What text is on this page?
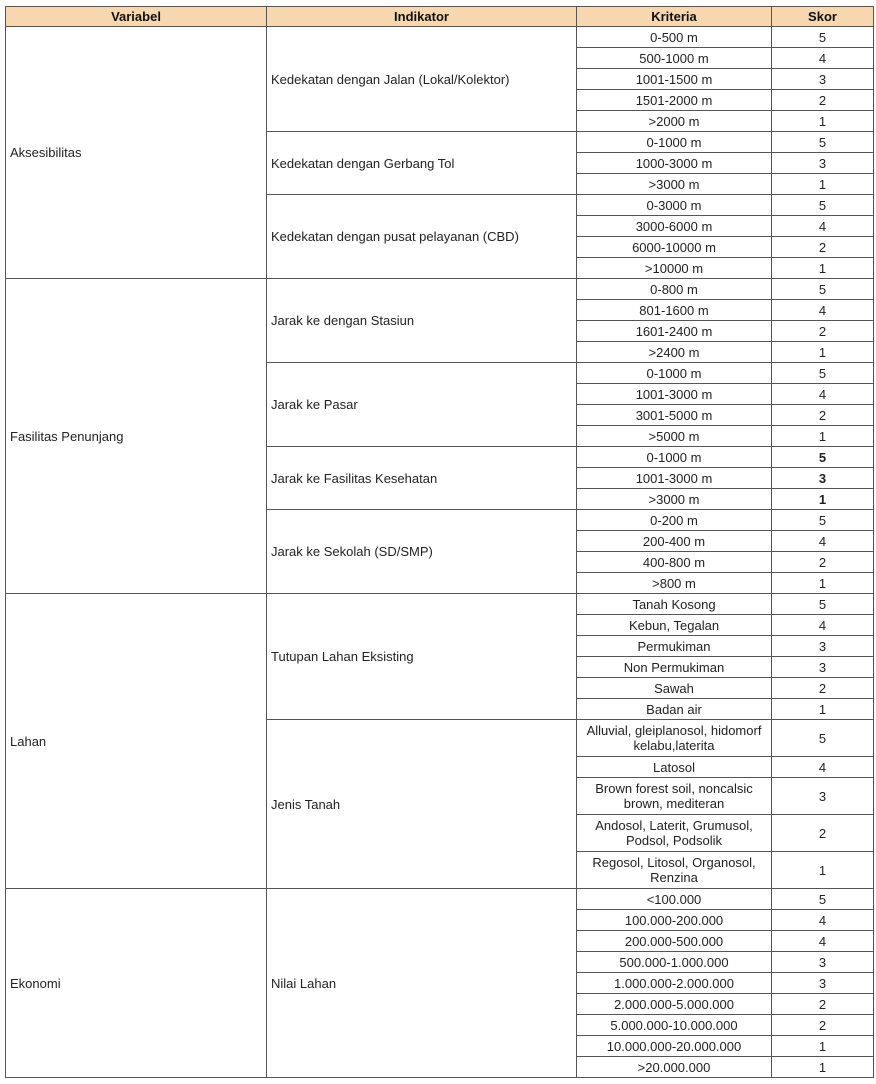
Variabel	Indikator	Kriteria	Skor
Aksesibilitas	Kedekatan dengan Jalan (Lokal/Kolektor)	0-500 m	5
		500-1000 m	4
		1001-1500 m	3
		1501-2000 m	2
		>2000 m	1
	Kedekatan dengan Gerbang Tol	0-1000 m	5
		1000-3000 m	3
		>3000 m	1
	Kedekatan dengan pusat pelayanan (CBD)	0-3000 m	5
		3000-6000 m	4
		6000-10000 m	2
		>10000 m	1
Fasilitas Penunjang	Jarak ke dengan Stasiun	0-800 m	5
		801-1600 m	4
		1601-2400 m	2
		>2400 m	1
	Jarak ke Pasar	0-1000 m	5
		1001-3000 m	4
		3001-5000 m	2
		>5000 m	1
	Jarak ke Fasilitas Kesehatan	0-1000 m	5
		1001-3000 m	3
		>3000 m	1
	Jarak ke Sekolah (SD/SMP)	0-200 m	5
		200-400 m	4
		400-800 m	2
		>800 m	1
Lahan	Tutupan Lahan Eksisting	Tanah Kosong	5
		Kebun, Tegalan	4
		Permukiman	3
		Non Permukiman	3
		Sawah	2
		Badan air	1
	Jenis Tanah	Alluvial, gleiplanosol, hidomorf kelabu,laterita	5
		Latosol	4
		Brown forest soil, noncalsic brown, mediteran	3
		Andosol, Laterit, Grumusol, Podsol, Podsolik	2
		Regosol, Litosol, Organosol, Renzina	1
Ekonomi	Nilai Lahan	<100.000	5
		100.000-200.000	4
		200.000-500.000	4
		500.000-1.000.000	3
		1.000.000-2.000.000	3
		2.000.000-5.000.000	2
		5.000.000-10.000.000	2
		10.000.000-20.000.000	1
		>20.000.000	1
